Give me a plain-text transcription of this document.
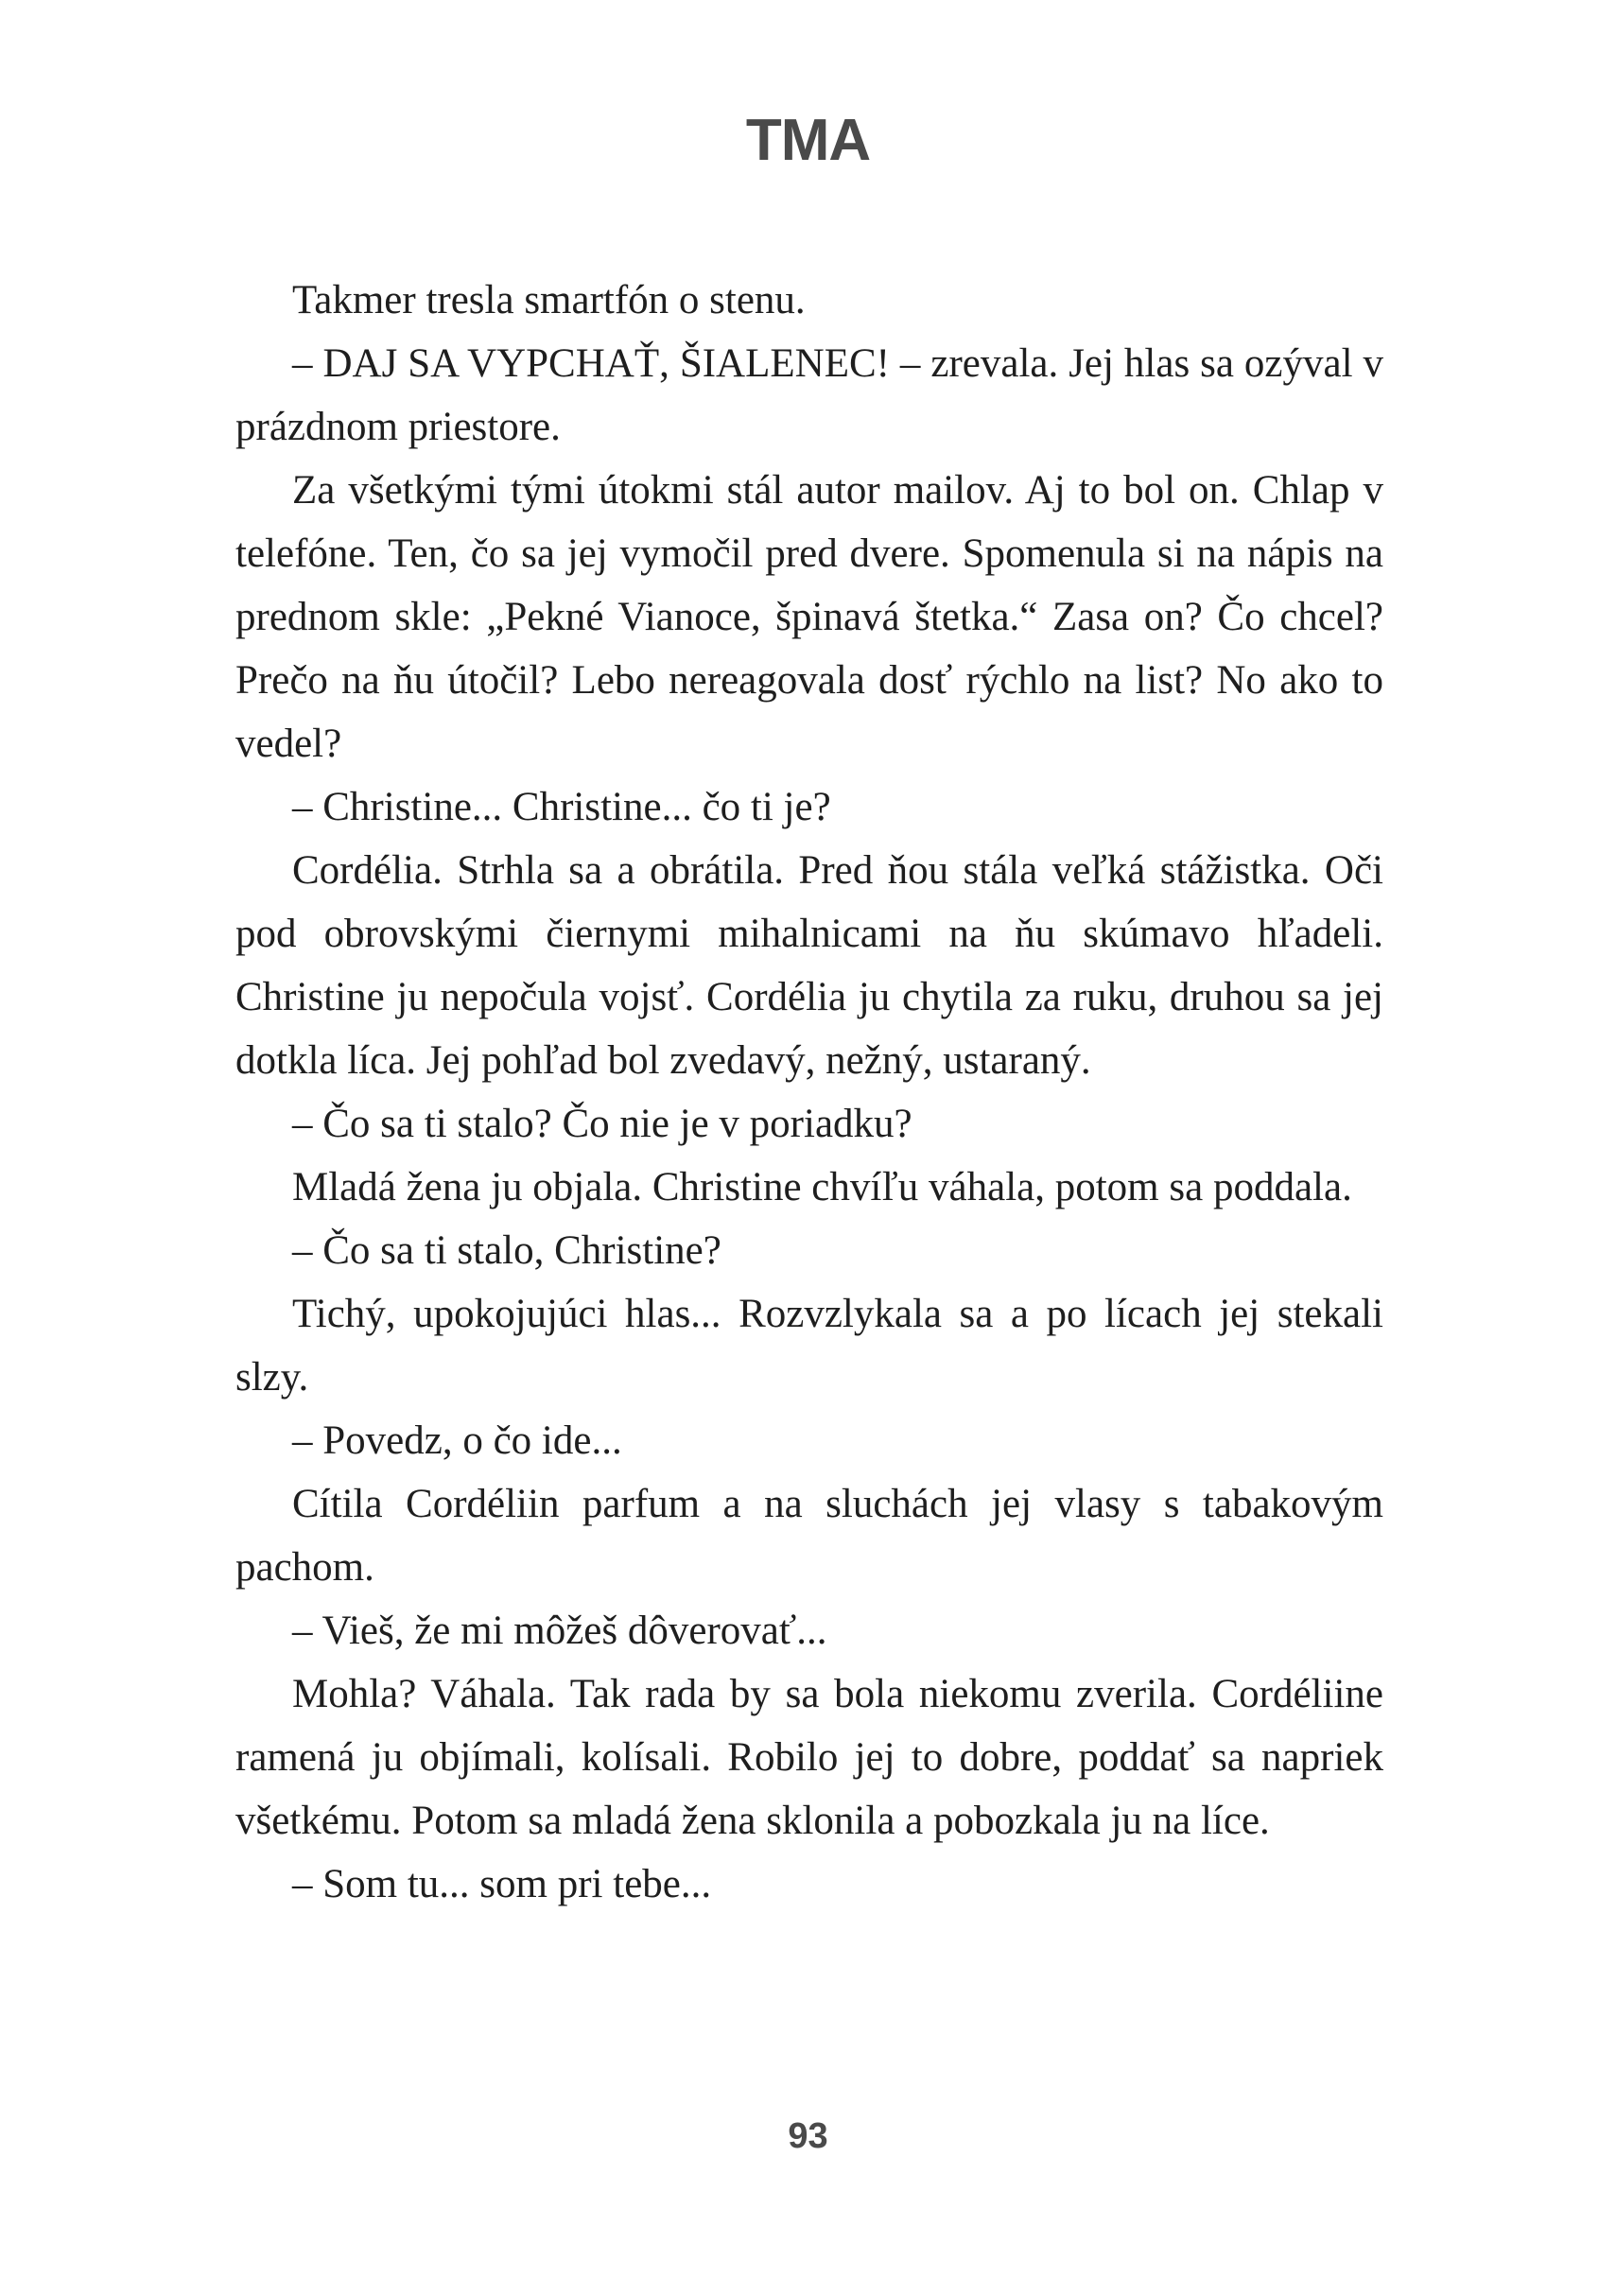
TMA

Takmer tresla smartfón o stenu.

– DAJ SA VYPCHAŤ, ŠIALENEC! – zrevala. Jej hlas sa ozýval v prázdnom priestore.

Za všetkými tými útokmi stál autor mailov. Aj to bol on. Chlap v telefóne. Ten, čo sa jej vymočil pred dvere. Spomenula si na nápis na prednom skle: „Pekné Vianoce, špinavá štetka.“ Zasa on? Čo chcel? Prečo na ňu útočil? Lebo nereagovala dosť rýchlo na list? No ako to vedel?

– Christine... Christine... čo ti je?

Cordélia. Strhla sa a obrátila. Pred ňou stála veľká stážistka. Oči pod obrovskými čiernymi mihalnicami na ňu skúmavo hľadeli. Christine ju nepočula vojsť. Cordélia ju chytila za ruku, druhou sa jej dotkla líca. Jej pohľad bol zvedavý, nežný, ustaraný.

– Čo sa ti stalo? Čo nie je v poriadku?

Mladá žena ju objala. Christine chvíľu váhala, potom sa poddala.

– Čo sa ti stalo, Christine?

Tichý, upokojujúci hlas... Rozvzlykala sa a po lícach jej stekali slzy.

– Povedz, o čo ide...

Cítila Cordéliin parfum a na sluchách jej vlasy s tabakovým pachom.

– Vieš, že mi môžeš dôverovať...

Mohla? Váhala. Tak rada by sa bola niekomu zverila. Cordéliine ramená ju objímali, kolísali. Robilo jej to dobre, poddať sa napriek všetkému. Potom sa mladá žena sklonila a pobozkala ju na líce.

– Som tu... som pri tebe...

93
